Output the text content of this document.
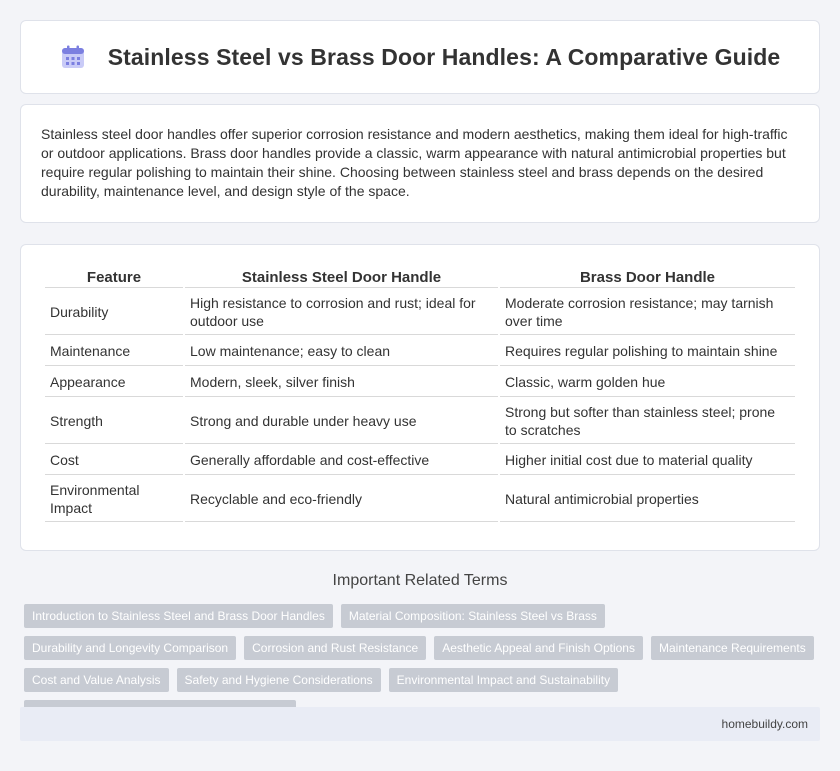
Stainless Steel vs Brass Door Handles: A Comparative Guide

Stainless steel door handles offer superior corrosion resistance and modern aesthetics, making them ideal for high-traffic or outdoor applications. Brass door handles provide a classic, warm appearance with natural antimicrobial properties but require regular polishing to maintain their shine. Choosing between stainless steel and brass depends on the desired durability, maintenance level, and design style of the space.

Feature	Stainless Steel Door Handle	Brass Door Handle
Durability	High resistance to corrosion and rust; ideal for outdoor use	Moderate corrosion resistance; may tarnish over time
Maintenance	Low maintenance; easy to clean	Requires regular polishing to maintain shine
Appearance	Modern, sleek, silver finish	Classic, warm golden hue
Strength	Strong and durable under heavy use	Strong but softer than stainless steel; prone to scratches
Cost	Generally affordable and cost-effective	Higher initial cost due to material quality
Environmental Impact	Recyclable and eco-friendly	Natural antimicrobial properties
Important Related Terms
Introduction to Stainless Steel and Brass Door Handles	Material Composition: Stainless Steel vs Brass
Durability and Longevity Comparison	Corrosion and Rust Resistance	Aesthetic Appeal and Finish Options	Maintenance Requirements
Cost and Value Analysis	Safety and Hygiene Considerations	Environmental Impact and Sustainability
homebuildy.com
